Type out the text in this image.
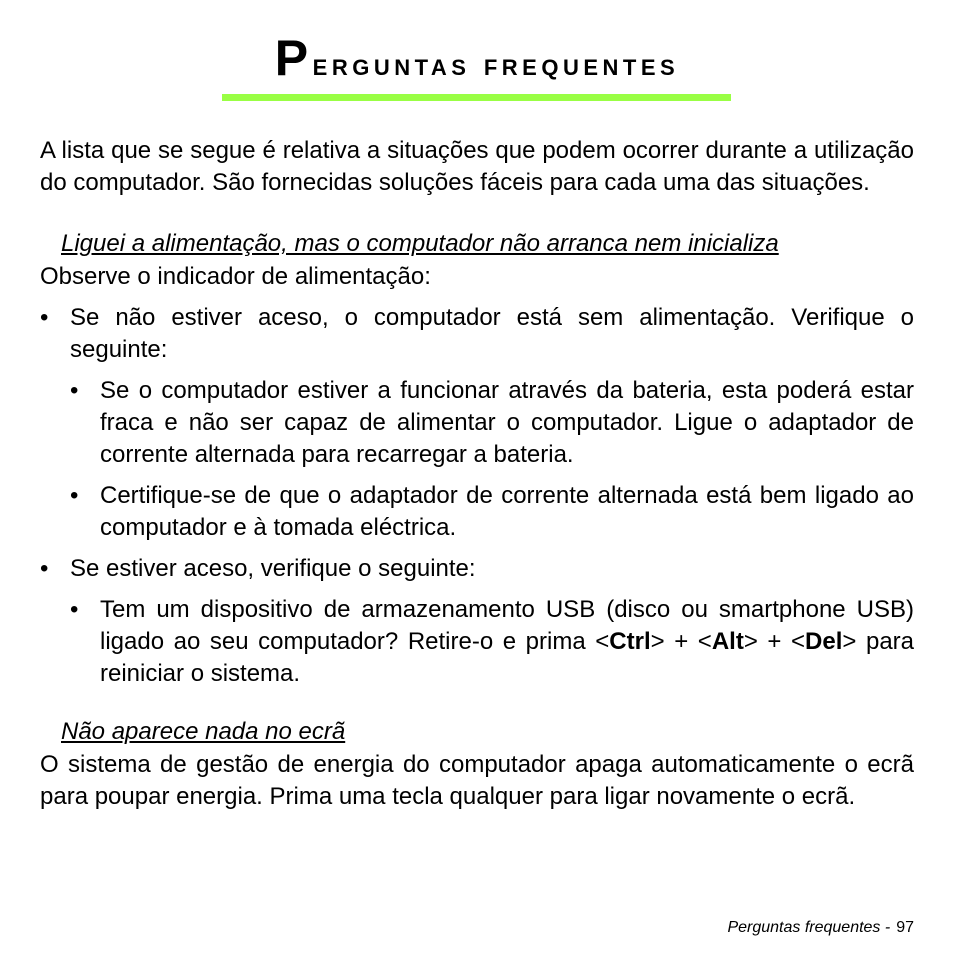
Perguntas frequentes

A lista que se segue é relativa a situações que podem ocorrer durante a utilização do computador. São fornecidas soluções fáceis para cada uma das situações.

Liguei a alimentação, mas o computador não arranca nem inicializa

Observe o indicador de alimentação:

• Se não estiver aceso, o computador está sem alimentação. Verifique o seguinte:
• Se o computador estiver a funcionar através da bateria, esta poderá estar fraca e não ser capaz de alimentar o computador. Ligue o adaptador de corrente alternada para recarregar a bateria.
• Certifique-se de que o adaptador de corrente alternada está bem ligado ao computador e à tomada eléctrica.
• Se estiver aceso, verifique o seguinte:
• Tem um dispositivo de armazenamento USB (disco ou smartphone USB) ligado ao seu computador? Retire-o e prima <Ctrl> + <Alt> + <Del> para reiniciar o sistema.
Não aparece nada no ecrã

O sistema de gestão de energia do computador apaga automaticamente o ecrã para poupar energia. Prima uma tecla qualquer para ligar novamente o ecrã.

Perguntas frequentes - 97
